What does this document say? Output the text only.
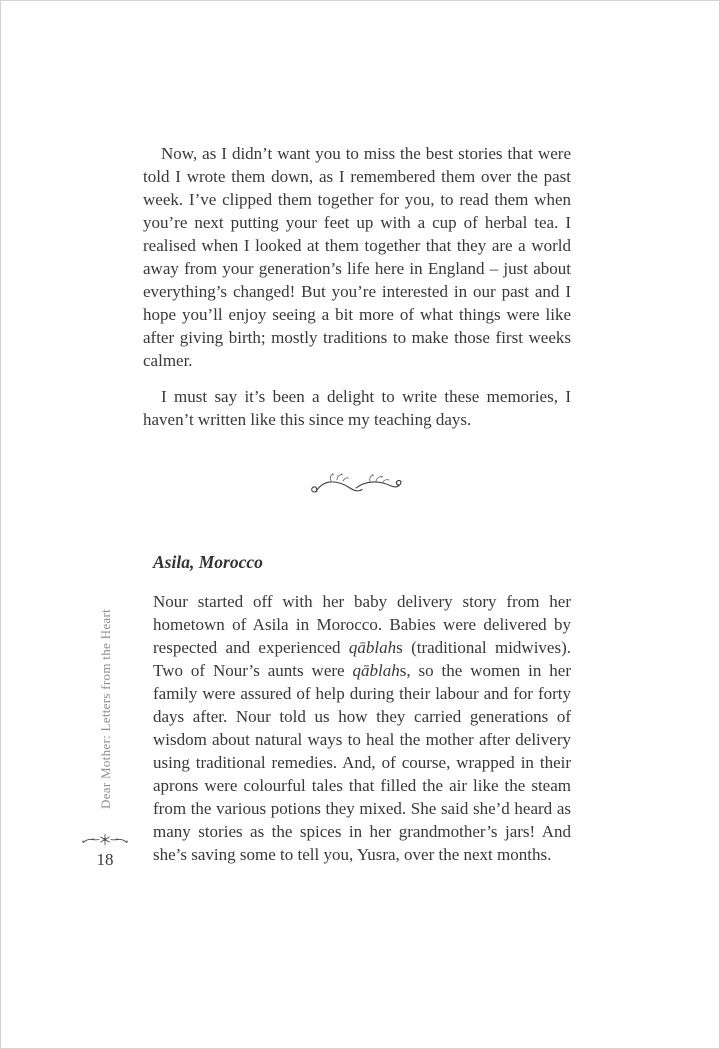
Now, as I didn’t want you to miss the best stories that were told I wrote them down, as I remembered them over the past week. I’ve clipped them together for you, to read them when you’re next putting your feet up with a cup of herbal tea. I realised when I looked at them together that they are a world away from your generation’s life here in England – just about everything’s changed! But you’re interested in our past and I hope you’ll enjoy seeing a bit more of what things were like after giving birth; mostly traditions to make those first weeks calmer.

I must say it’s been a delight to write these memories, I haven’t written like this since my teaching days.

Asila, Morocco

Nour started off with her baby delivery story from her hometown of Asila in Morocco. Babies were delivered by respected and experienced qāblahs (traditional midwives). Two of Nour’s aunts were qāblahs, so the women in her family were assured of help during their labour and for forty days after. Nour told us how they carried generations of wisdom about natural ways to heal the mother after delivery using traditional remedies. And, of course, wrapped in their aprons were colourful tales that filled the air like the steam from the various potions they mixed. She said she’d heard as many stories as the spices in her grandmother’s jars! And she’s saving some to tell you, Yusra, over the next months.

Dear Mother: Letters from the Heart
18
